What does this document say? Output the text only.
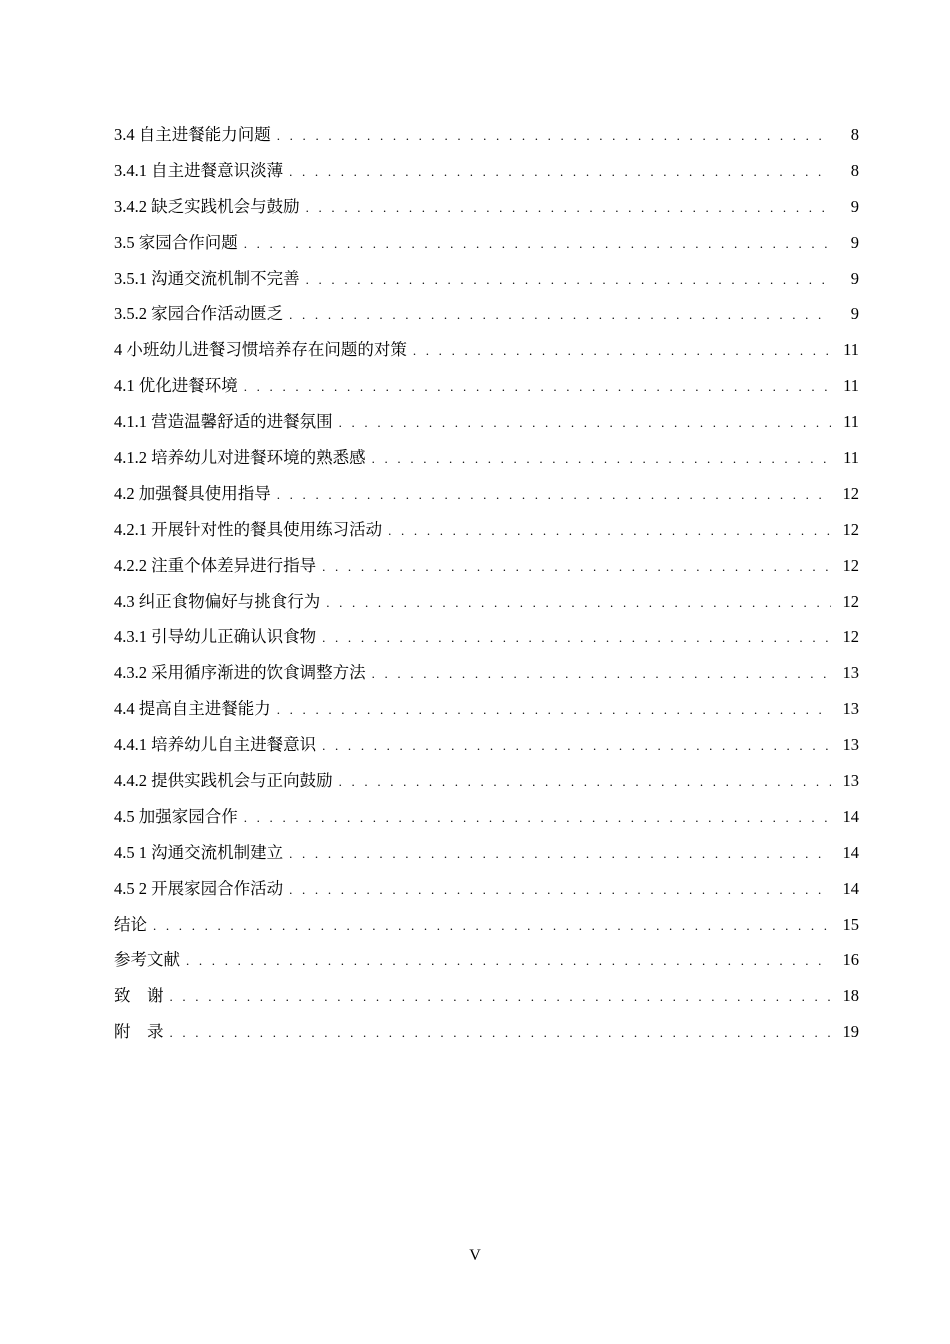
3.4 自主进餐能力问题 . . .	8
3.4.1 自主进餐意识淡薄 . . .	8
3.4.2 缺乏实践机会与鼓励 . . .	9
3.5 家园合作问题 . . .	9
3.5.1 沟通交流机制不完善 . . .	9
3.5.2 家园合作活动匮乏 . . .	9
4 小班幼儿进餐习惯培养存在问题的对策 . . .	11
4.1 优化进餐环境 . . .	11
4.1.1 营造温馨舒适的进餐氛围 . . .	11
4.1.2 培养幼儿对进餐环境的熟悉感 . . .	11
4.2 加强餐具使用指导 . . .	12
4.2.1 开展针对性的餐具使用练习活动 . . .	12
4.2.2 注重个体差异进行指导 . . .	12
4.3 纠正食物偏好与挑食行为 . . .	12
4.3.1 引导幼儿正确认识食物 . . .	12
4.3.2 采用循序渐进的饮食调整方法 . . .	13
4.4 提高自主进餐能力 . . .	13
4.4.1 培养幼儿自主进餐意识 . . .	13
4.4.2 提供实践机会与正向鼓励 . . .	13
4.5 加强家园合作 . . .	14
4.5 1 沟通交流机制建立 . . .	14
4.5 2 开展家园合作活动 . . .	14
结论 . . .	15
参考文献 . . .	16
致    谢 . . .	18
附    录 . . .	19
V
